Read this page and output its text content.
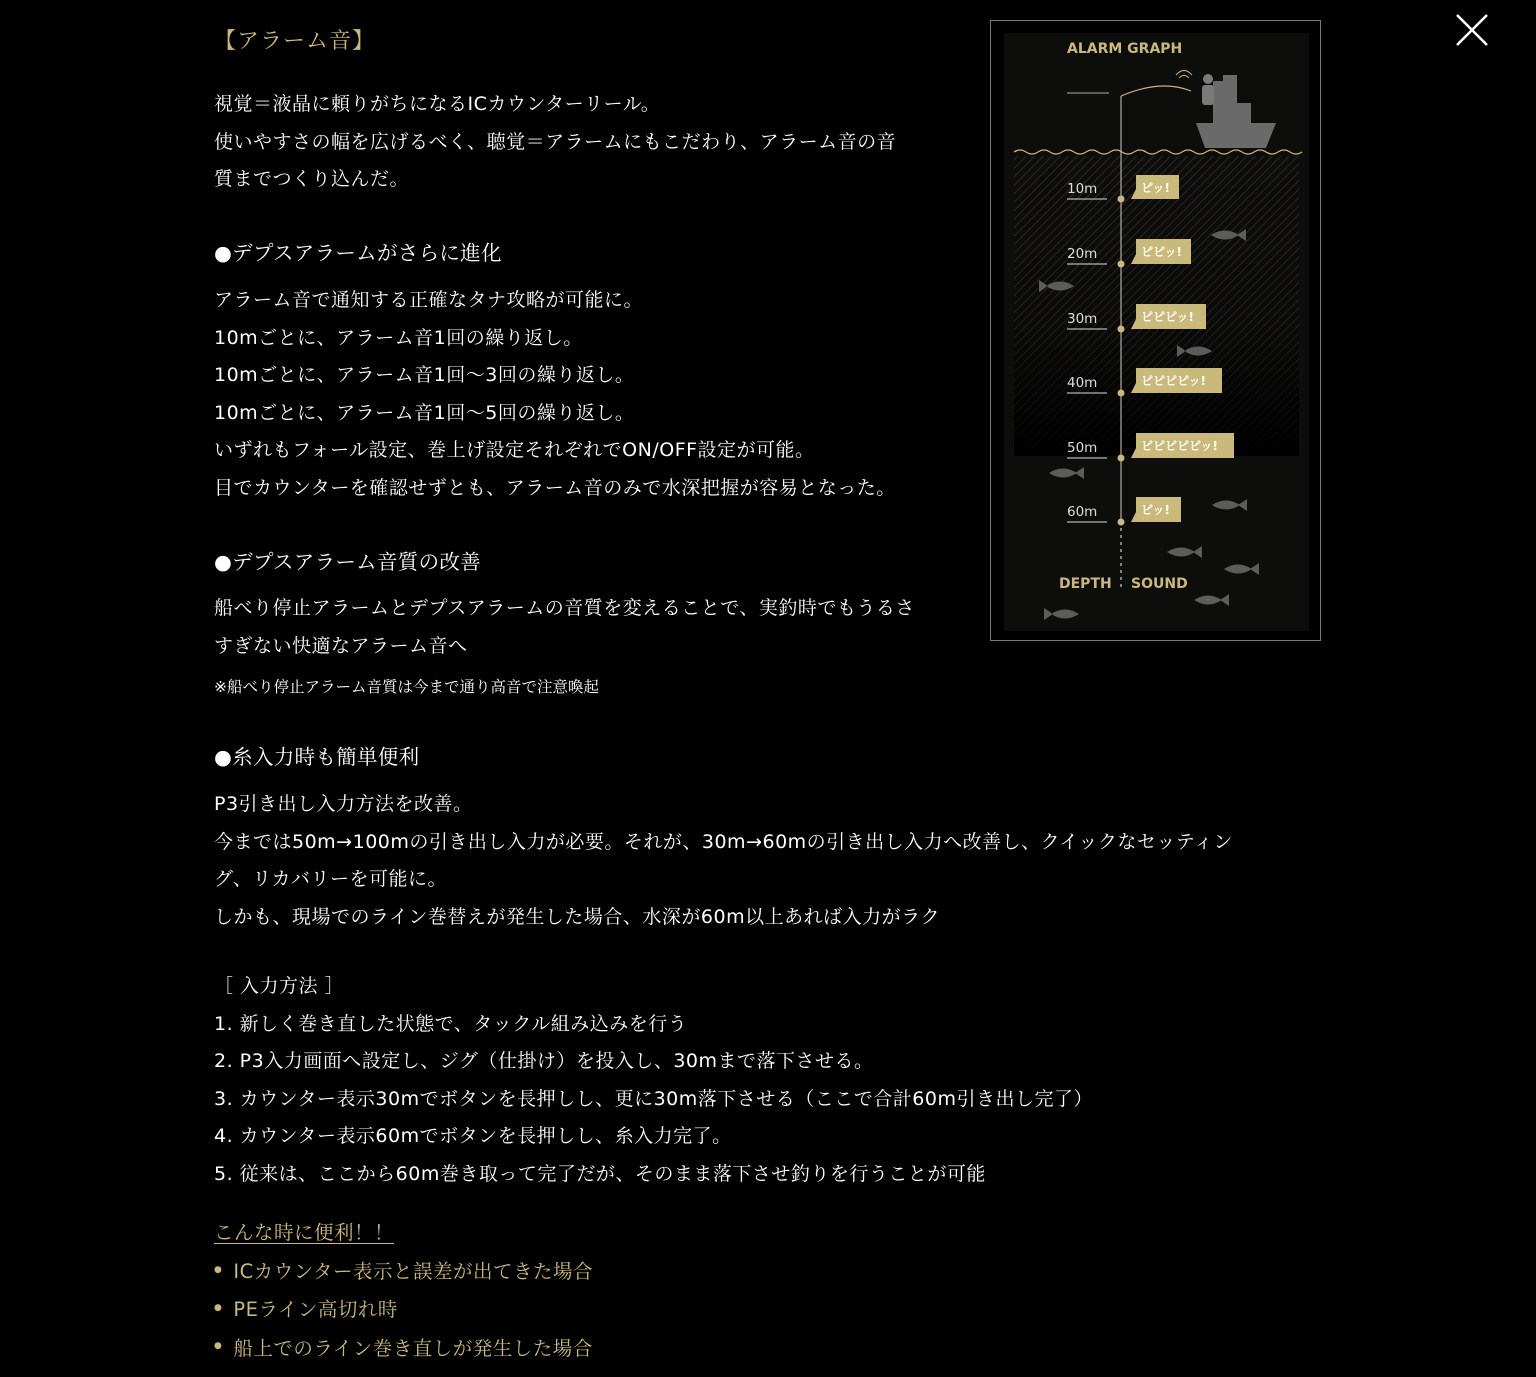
【アラーム音】

視覚＝液晶に頼りがちになるICカウンターリール。
使いやすさの幅を広げるべく、聴覚＝アラームにもこだわり、アラーム音の音
質までつくり込んだ。

●デプスアラームがさらに進化

アラーム音で通知する正確なタナ攻略が可能に。
10mごとに、アラーム音1回の繰り返し。
10mごとに、アラーム音1回〜3回の繰り返し。
10mごとに、アラーム音1回〜5回の繰り返し。
いずれもフォール設定、巻上げ設定それぞれでON/OFF設定が可能。
目でカウンターを確認せずとも、アラーム音のみで水深把握が容易となった。

●デプスアラーム音質の改善

船べり停止アラームとデプスアラームの音質を変えることで、実釣時でもうるさ
すぎない快適なアラーム音へ

※船べり停止アラーム音質は今まで通り高音で注意喚起
●糸入力時も簡単便利

P3引き出し入力方法を改善。
今までは50m→100mの引き出し入力が必要。それが、30m→60mの引き出し入力へ改善し、クイックなセッティン
グ、リカバリーを可能に。
しかも、現場でのライン巻替えが発生した場合、水深が60m以上あれば入力がラク

［ 入力方法 ］
1. 新しく巻き直した状態で、タックル組み込みを行う
2. P3入力画面へ設定し、ジグ（仕掛け）を投入し、30mまで落下させる。
3. カウンター表示30mでボタンを長押しし、更に30m落下させる（ここで合計60m引き出し完了）
4. カウンター表示60mでボタンを長押しし、糸入力完了。
5. 従来は、ここから60m巻き取って完了だが、そのまま落下させ釣りを行うことが可能

こんな時に便利！！
● ICカウンター表示と誤差が出てきた場合
● PEライン高切れ時
● 船上でのライン巻き直しが発生した場合
ALARM GRAPH
10m	ピッ!
20m	ピピッ!
30m	ピピピッ!
40m	ピピピピッ!
50m	ピピピピピッ!
60m	ピッ!
DEPTH SOUND
